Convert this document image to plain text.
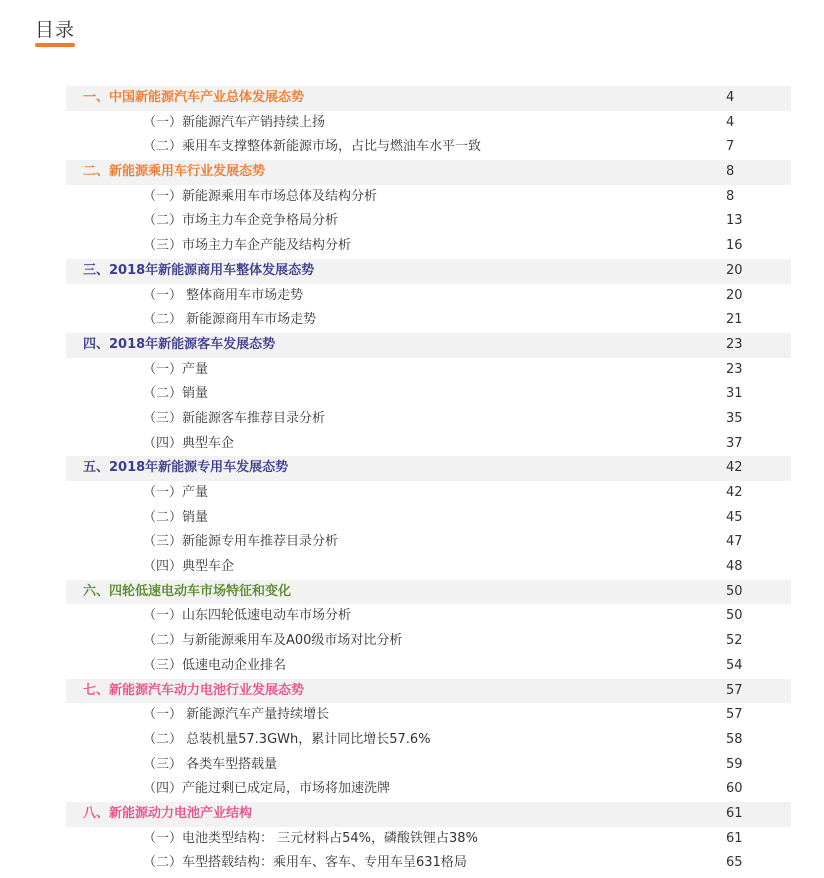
目录
一、中国新能源汽车产业总体发展态势	4
（一）新能源汽车产销持续上扬	4
（二）乘用车支撑整体新能源市场，占比与燃油车水平一致	7
二、新能源乘用车行业发展态势	8
（一）新能源乘用车市场总体及结构分析	8
（二）市场主力车企竞争格局分析	13
（三）市场主力车企产能及结构分析	16
三、2018年新能源商用车整体发展态势	20
（一） 整体商用车市场走势	20
（二） 新能源商用车市场走势	21
四、2018年新能源客车发展态势	23
（一）产量	23
（二）销量	31
（三）新能源客车推荐目录分析	35
（四）典型车企	37
五、2018年新能源专用车发展态势	42
（一）产量	42
（二）销量	45
（三）新能源专用车推荐目录分析	47
（四）典型车企	48
六、四轮低速电动车市场特征和变化	50
（一）山东四轮低速电动车市场分析	50
（二）与新能源乘用车及A00级市场对比分析	52
（三）低速电动企业排名	54
七、新能源汽车动力电池行业发展态势	57
（一） 新能源汽车产量持续增长	57
（二） 总装机量57.3GWh，累计同比增长57.6%	58
（三） 各类车型搭载量	59
（四）产能过剩已成定局，市场将加速洗牌	60
八、新能源动力电池产业结构	61
（一）电池类型结构： 三元材料占54%，磷酸铁锂占38%	61
（二）车型搭载结构：乘用车、客车、专用车呈631格局	65
